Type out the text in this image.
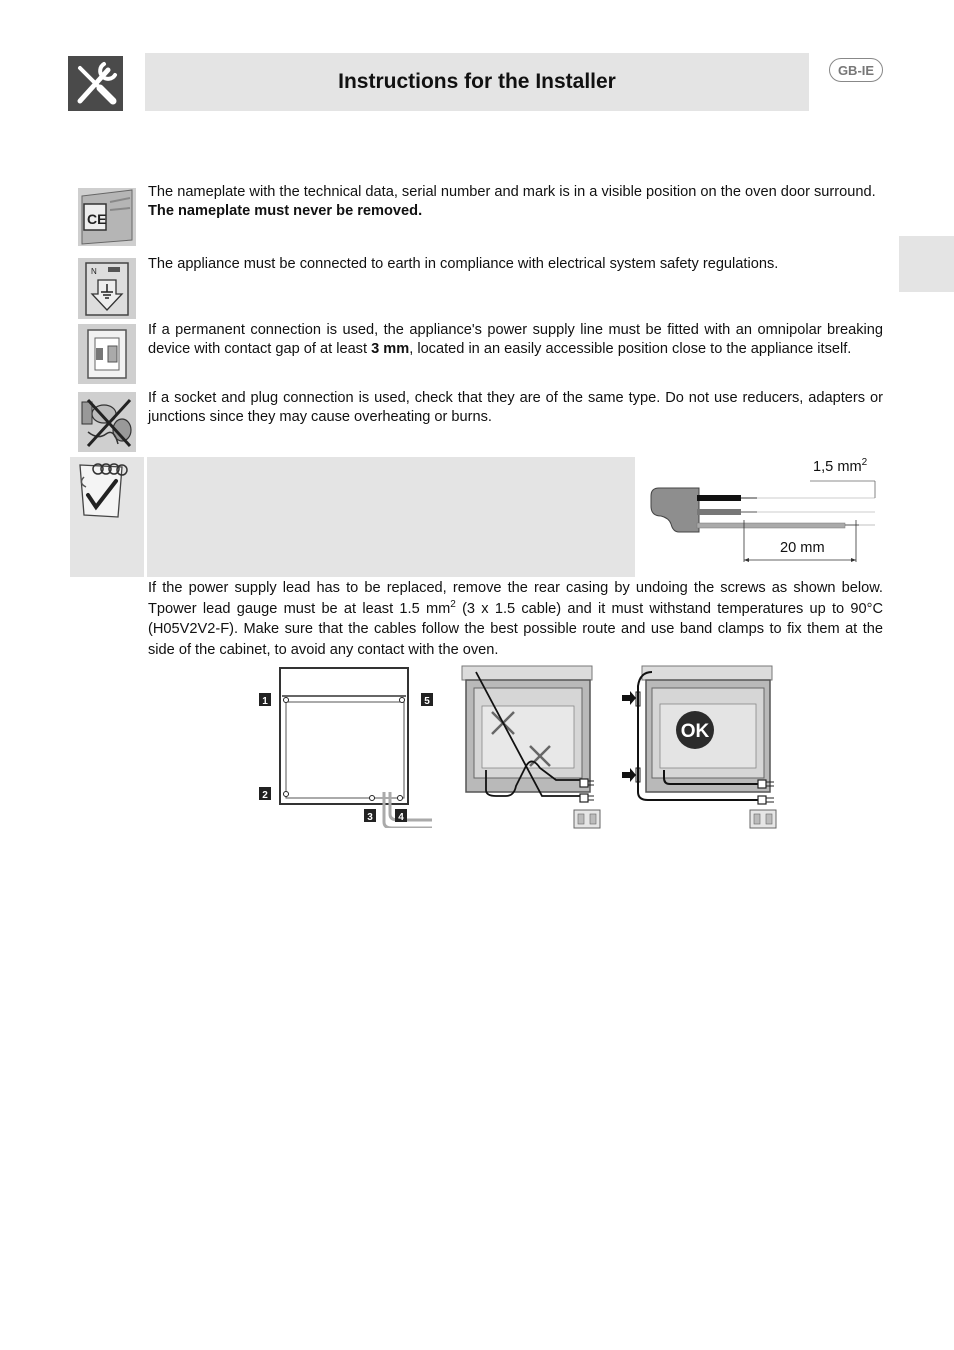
Instructions for the Installer	GB-IE
CE
The nameplate with the technical data, serial number and mark is in a visible position on the oven door surround.
The nameplate must never be removed.
N	The appliance must be connected to earth in compliance with electrical system safety regulations.
If a permanent connection is used, the appliance's power supply line must be fitted with an omnipolar breaking device with contact gap of at least 3 mm, located in an easily accessible position close to the appliance itself.
If a socket and plug connection is used, check that they are of the same type. Do not use reducers, adapters or junctions since they may cause overheating or burns.
1,5 $mm^2$
20 mm
If the power supply lead has to be replaced, remove the rear casing by undoing the screws as shown below. Tpower lead gauge must be at least 1.5 $mm^2$ (3 x 1.5 cable) and it must withstand temperatures up to 90°C (H05V2V2-F). Make sure that the cables follow the best possible route and use band clamps to fix them at the side of the cabinet, to avoid any contact with the oven.
1
2
3	4
5
OK
